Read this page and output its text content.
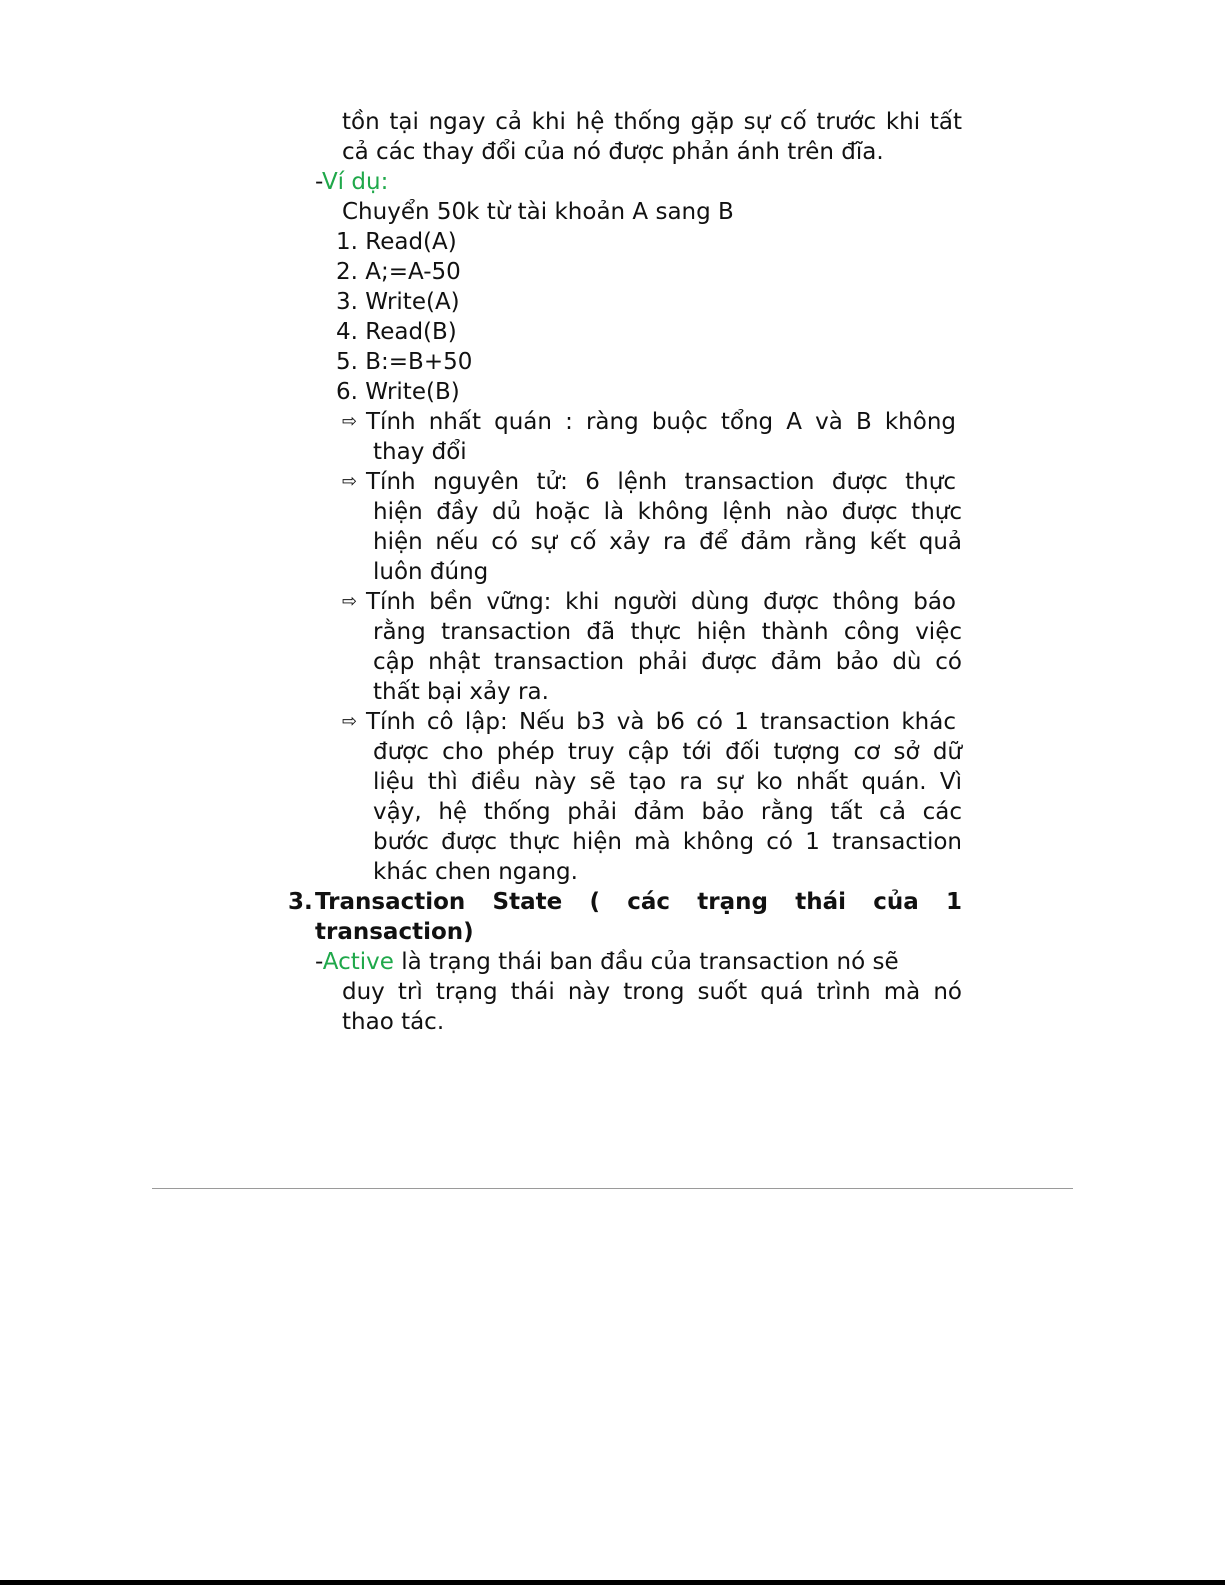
tồn tại ngay cả khi hệ thống gặp sự cố trước khi tất
cả các thay đổi của nó được phản ánh trên đĩa.
-Ví dụ:
Chuyển 50k từ tài khoản A sang B
1. Read(A)
2. A;=A-50
3. Write(A)
4. Read(B)
5. B:=B+50
6. Write(B)
⇨ Tính nhất quán : ràng buộc tổng A và B không
thay đổi
⇨ Tính nguyên tử: 6 lệnh transaction được thực
hiện đầy dủ hoặc là không lệnh nào được thực
hiện nếu có sự cố xảy ra để đảm rằng kết quả
luôn đúng
⇨ Tính bền vững: khi người dùng được thông báo
rằng transaction đã thực hiện thành công việc
cập nhật transaction phải được đảm bảo dù có
thất bại xảy ra.
⇨ Tính cô lập: Nếu b3 và b6 có 1 transaction khác
được cho phép truy cập tới đối tượng cơ sở dữ
liệu thì điều này sẽ tạo ra sự ko nhất quán. Vì
vậy, hệ thống phải đảm bảo rằng tất cả các
bước được thực hiện mà không có 1 transaction
khác chen ngang.
3. Transaction State ( các trạng thái của 1
transaction)
-Active là trạng thái ban đầu của transaction nó sẽ
duy trì trạng thái này trong suốt quá trình mà nó
thao tác.
